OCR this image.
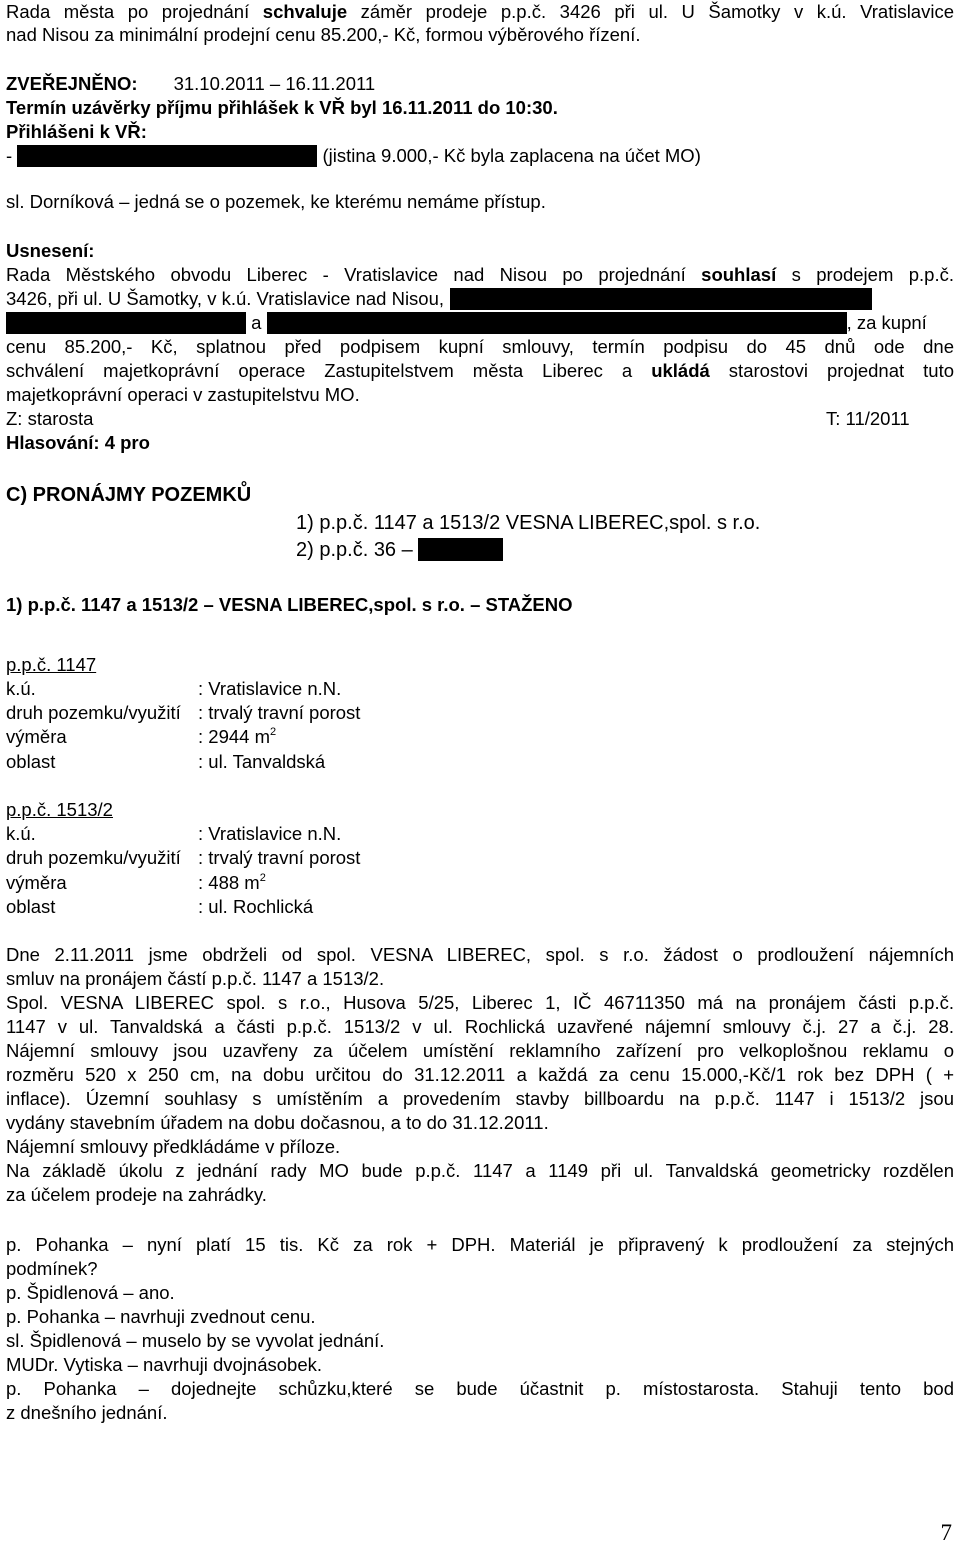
Rada města po projednání schvaluje záměr prodeje p.p.č. 3426 při ul. U Šamotky v k.ú. Vratislavice
nad Nisou za minimální prodejní cenu 85.200,- Kč, formou výběrového řízení.
ZVEŘEJNĚNO: 31.10.2011 – 16.11.2011
Termín uzávěrky příjmu přihlášek k VŘ byl 16.11.2011 do 10:30.
Přihlášeni k VŘ:
-	(jistina 9.000,- Kč byla zaplacena na účet MO)
sl. Dorníková – jedná se o pozemek, ke kterému nemáme přístup.
Usnesení:
Rada Městského obvodu Liberec - Vratislavice nad Nisou po projednání souhlasí s prodejem p.p.č.
3426, při ul. U Šamotky, v k.ú. Vratislavice nad Nisou,
a	, za kupní
cenu 85.200,- Kč, splatnou před podpisem kupní smlouvy, termín podpisu do 45 dnů ode dne
schválení majetkoprávní operace Zastupitelstvem města Liberec a ukládá starostovi projednat tuto
majetkoprávní operaci v zastupitelstvu MO.
Z: starosta	T: 11/2011
Hlasování: 4 pro
C) PRONÁJMY POZEMKŮ
1) p.p.č. 1147 a 1513/2 VESNA LIBEREC,spol. s r.o.
2) p.p.č. 36 –
1) p.p.č. 1147 a 1513/2 – VESNA LIBEREC,spol. s r.o. – STAŽENO
p.p.č. 1147
k.ú.	: Vratislavice n.N.
druh pozemku/využití : trvalý travní porost
výměra	: 2944 $m^2$
oblast	: ul. Tanvaldská
p.p.č. 1513/2
k.ú.	: Vratislavice n.N.
druh pozemku/využití : trvalý travní porost
výměra	: 488 $m^2$
oblast	: ul. Rochlická
Dne 2.11.2011 jsme obdrželi od spol. VESNA LIBEREC, spol. s r.o. žádost o prodloužení nájemních
smluv na pronájem částí p.p.č. 1147 a 1513/2.
Spol. VESNA LIBEREC spol. s r.o., Husova 5/25, Liberec 1, IČ 46711350 má na pronájem části p.p.č.
1147 v ul. Tanvaldská a části p.p.č. 1513/2 v ul. Rochlická uzavřené nájemní smlouvy č.j. 27 a č.j. 28.
Nájemní smlouvy jsou uzavřeny za účelem umístění reklamního zařízení pro velkoplošnou reklamu o
rozměru 520 x 250 cm, na dobu určitou do 31.12.2011 a každá za cenu 15.000,-Kč/1 rok bez DPH ( +
inflace). Územní souhlasy s umístěním a provedením stavby billboardu na p.p.č. 1147 i 1513/2 jsou
vydány stavebním úřadem na dobu dočasnou, a to do 31.12.2011.
Nájemní smlouvy předkládáme v příloze.
Na základě úkolu z jednání rady MO bude p.p.č. 1147 a 1149 při ul. Tanvaldská geometricky rozdělen
za účelem prodeje na zahrádky.
p. Pohanka – nyní platí 15 tis. Kč za rok + DPH. Materiál je připravený k prodloužení za stejných
podmínek?
p. Špidlenová – ano.
p. Pohanka – navrhuji zvednout cenu.
sl. Špidlenová – muselo by se vyvolat jednání.
MUDr. Vytiska – navrhuji dvojnásobek.
p. Pohanka – dojednejte schůzku,které se bude účastnit p. místostarosta. Stahuji tento bod
z dnešního jednání.
7
